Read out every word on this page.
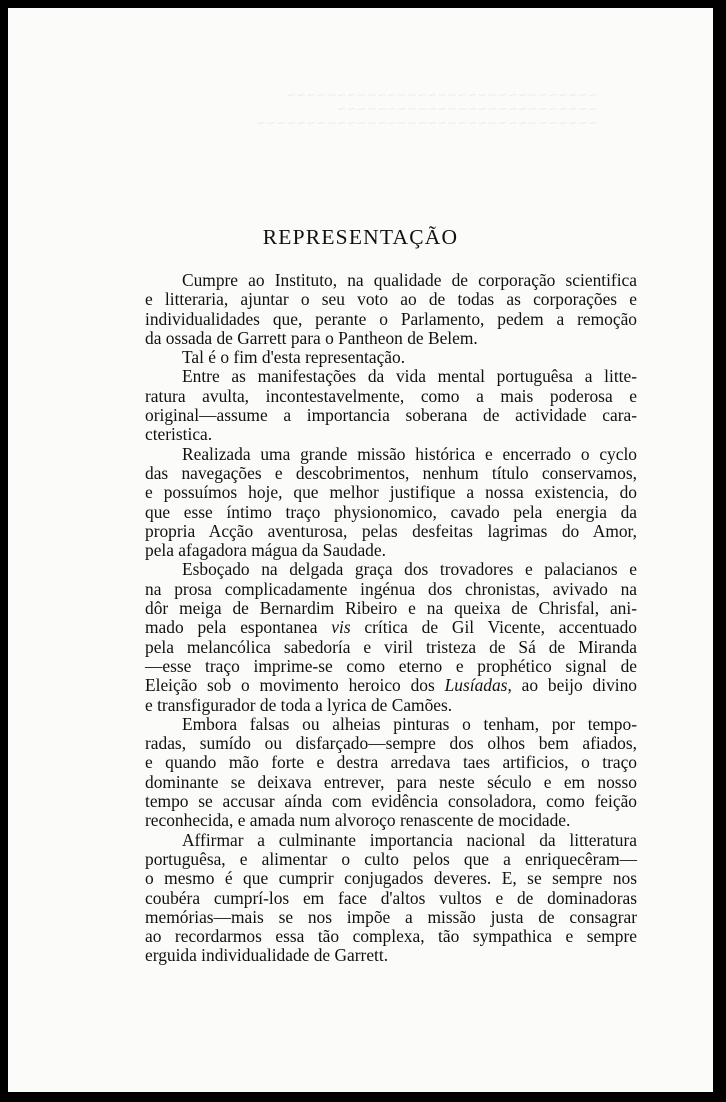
~~~~~~~~~~~~~~~~~~~~~~~~~~~~~~~
~~~~~~~~~~~~~~~~~~~~~~~~~~
~~~~~~~~~~~~~~~~~~~~~~~~~~~~~~~~~~
REPRESENTAÇÃO

Cumpre ao Instituto, na qualidade de corporação scientifica
e litteraria, ajuntar o seu voto ao de todas as corporações e
individualidades que, perante o Parlamento, pedem a remoção
da ossada de Garrett para o Pantheon de Belem.

Tal é o fim d'esta representação.

Entre as manifestações da vida mental portuguêsa a litte-
ratura avulta, incontestavelmente, como a mais poderosa e
original—assume a importancia soberana de actividade cara-
cteristica.

Realizada uma grande missão histórica e encerrado o cyclo
das navegações e descobrimentos, nenhum título conservamos,
e possuímos hoje, que melhor justifique a nossa existencia, do
que esse íntimo traço physionomico, cavado pela energia da
propria Acção aventurosa, pelas desfeitas lagrimas do Amor,
pela afagadora mágua da Saudade.

Esboçado na delgada graça dos trovadores e palacianos e
na prosa complicadamente ingénua dos chronistas, avivado na
dôr meiga de Bernardim Ribeiro e na queixa de Chrisfal, ani-
mado pela espontanea vis crítica de Gil Vicente, accentuado
pela melancólica sabedoría e viril tristeza de Sá de Miranda
—esse traço imprime-se como eterno e prophético signal de
Eleição sob o movimento heroico dos Lusíadas, ao beijo divino
e transfigurador de toda a lyrica de Camões.

Embora falsas ou alheias pinturas o tenham, por tempo-
radas, sumído ou disfarçado—sempre dos olhos bem afiados,
e quando mão forte e destra arredava taes artificios, o traço
dominante se deixava entrever, para neste século e em nosso
tempo se accusar aínda com evidência consoladora, como feição
reconhecida, e amada num alvoroço renascente de mocidade.

Affirmar a culminante importancia nacional da litteratura
portuguêsa, e alimentar o culto pelos que a enriquecêram—
o mesmo é que cumprir conjugados deveres. E, se sempre nos
coubéra cumprí-los em face d'altos vultos e de dominadoras
memórias—mais se nos impõe a missão justa de consagrar
ao recordarmos essa tão complexa, tão sympathica e sempre
erguida individualidade de Garrett.
